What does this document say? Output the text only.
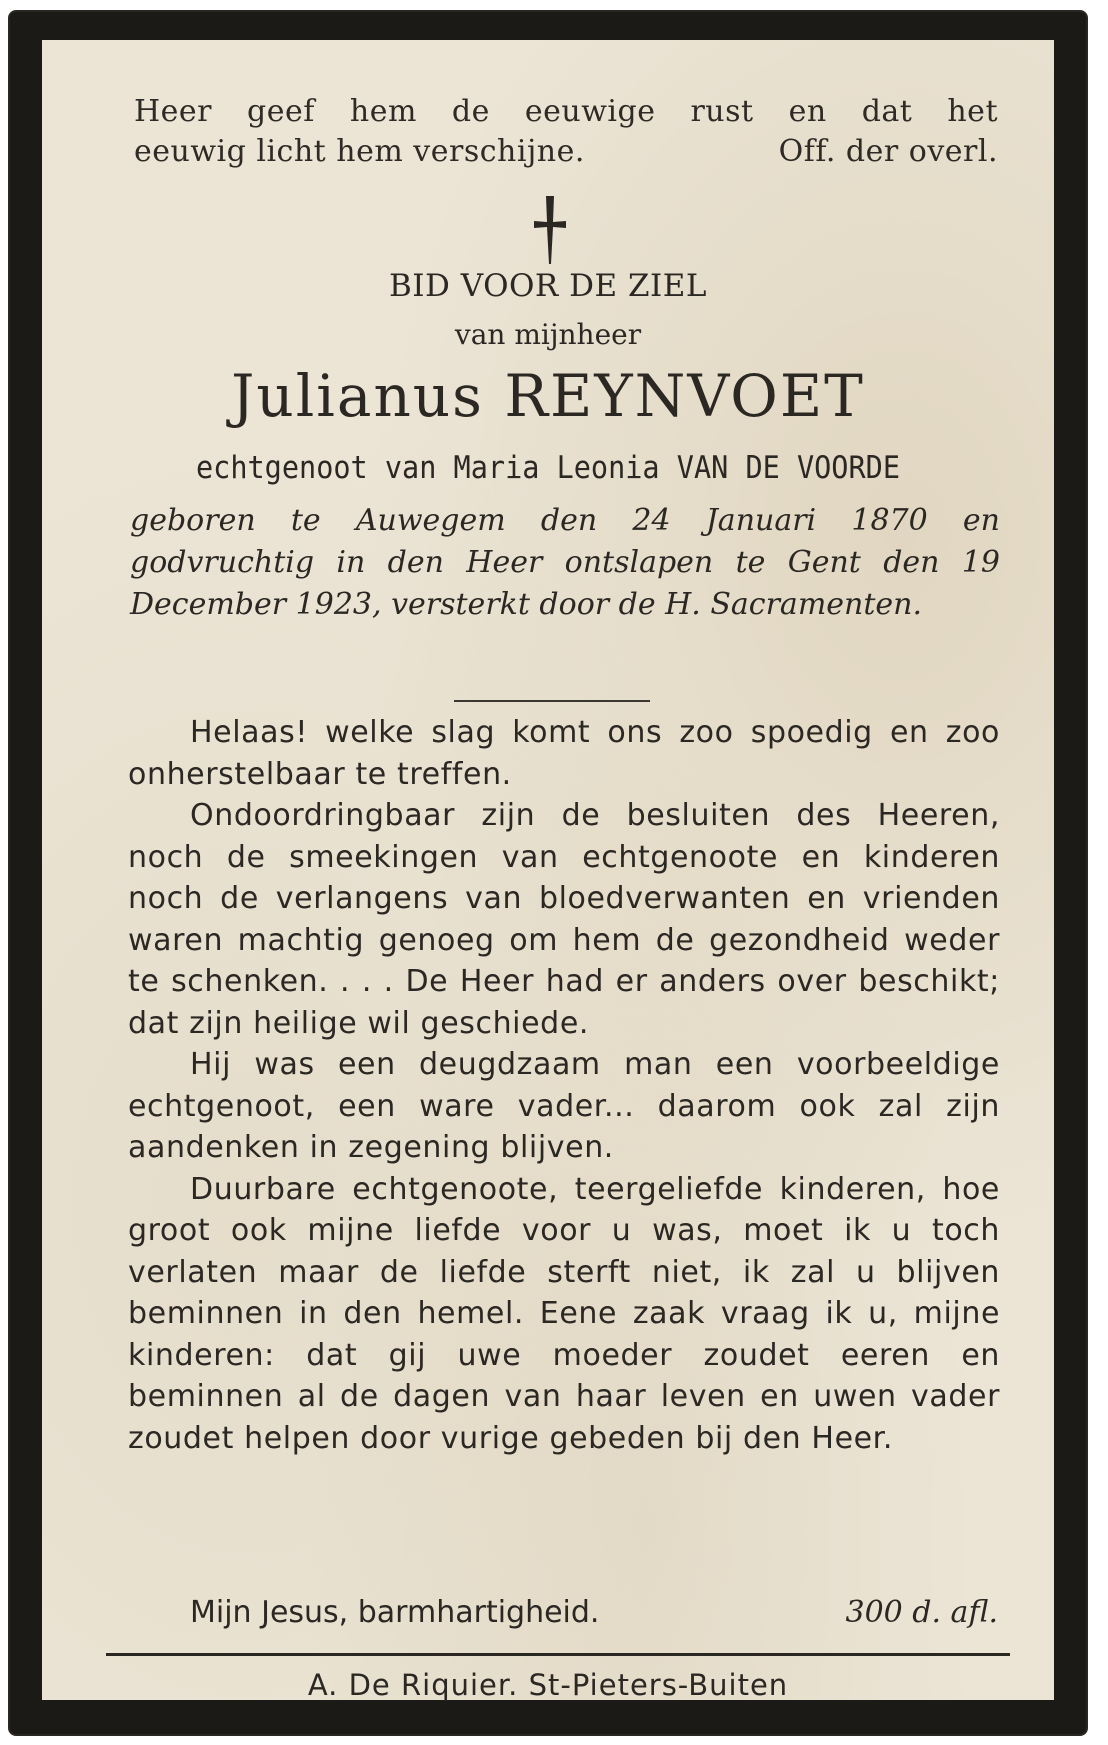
Heer geef hem de eeuwige rust en dat het
eeuwig licht hem verschijne.	Off. der overl.
BID VOOR DE ZIEL
van mijnheer
Julianus REYNVOET
echtgenoot van Maria Leonia VAN DE VOORDE
geboren te Auwegem den 24 Januari 1870 en godvruchtig in den Heer ontslapen te Gent den 19 December 1923, versterkt door de H. Sacramenten.

Helaas! welke slag komt ons zoo spoedig en zoo onherstelbaar te treffen.

Ondoordringbaar zijn de besluiten des Heeren, noch de smeekingen van echtgenoote en kinderen noch de verlangens van bloedverwanten en vrienden waren machtig genoeg om hem de gezondheid weder te schenken. . . . De Heer had er anders over beschikt; dat zijn heilige wil geschiede.

Hij was een deugdzaam man een voorbeeldige echtgenoot, een ware vader... daarom ook zal zijn aandenken in zegening blijven.

Duurbare echtgenoote, teergeliefde kinderen, hoe groot ook mijne liefde voor u was, moet ik u toch verlaten maar de liefde sterft niet, ik zal u blijven beminnen in den hemel. Eene zaak vraag ik u, mijne kinderen: dat gij uwe moeder zoudet eeren en beminnen al de dagen van haar leven en uwen vader zoudet helpen door vurige gebeden bij den Heer.

Mijn Jesus, barmhartigheid.	300 d. afl.
A. De Riquier. St-Pieters-Buiten
